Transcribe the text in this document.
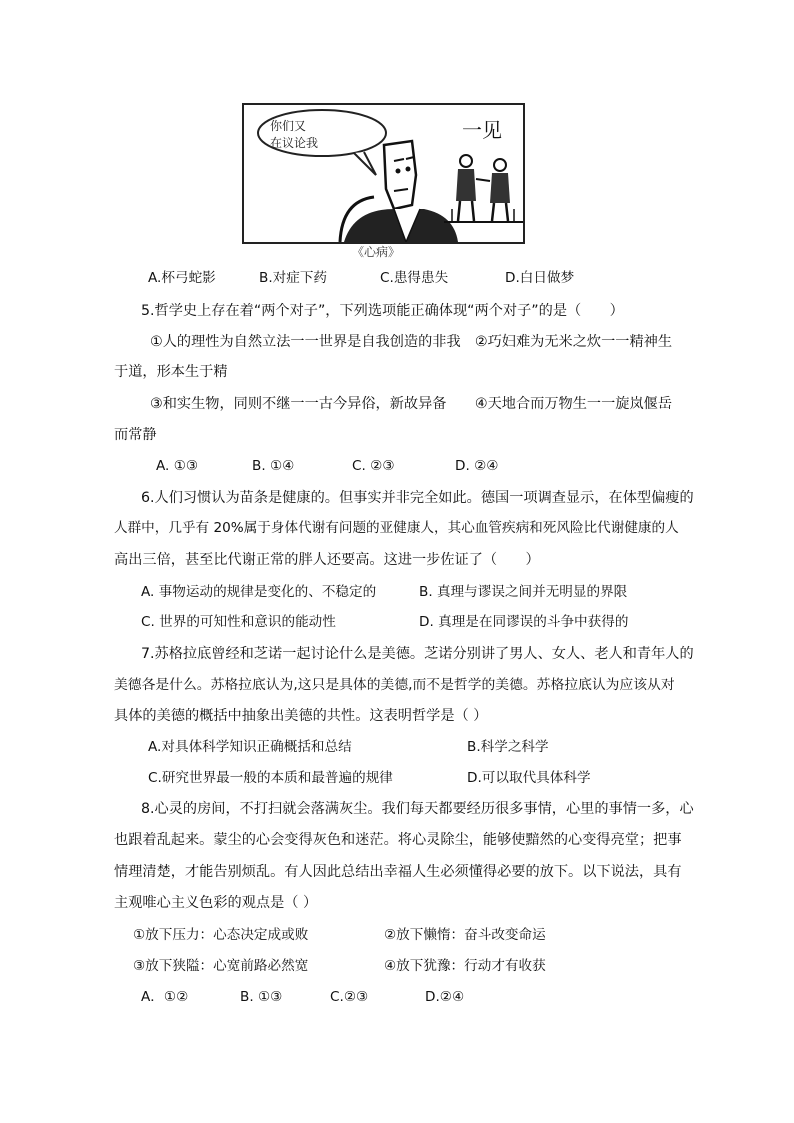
你们又
在议论我
一见
《心病》
A.杯弓蛇影	B.对症下药	C.患得患失	D.白日做梦
5.哲学史上存在着“两个对子”，下列选项能正确体现“两个对子”的是（　　）
①人的理性为自然立法一一世界是自我创造的非我　②巧妇难为无米之炊一一精神生
于道，形本生于精
③和实生物，同则不继一一古今异俗，新故异备　　④天地合而万物生一一旋岚偃岳
而常静
A. ①③	B. ①④	C. ②③	D. ②④
6.人们习惯认为苗条是健康的。但事实并非完全如此。德国一项调查显示，在体型偏瘦的
人群中，几乎有 20%属于身体代谢有问题的亚健康人，其心血管疾病和死风险比代谢健康的人
高出三倍，甚至比代谢正常的胖人还要高。这进一步佐证了（　　）
A. 事物运动的规律是变化的、不稳定的	B. 真理与谬误之间并无明显的界限
C. 世界的可知性和意识的能动性	D. 真理是在同谬误的斗争中获得的
7.苏格拉底曾经和芝诺一起讨论什么是美德。芝诺分别讲了男人、女人、老人和青年人的
美德各是什么。苏格拉底认为,这只是具体的美德,而不是哲学的美德。苏格拉底认为应该从对
具体的美德的概括中抽象出美德的共性。这表明哲学是（ ）
A.对具体科学知识正确概括和总结	B.科学之科学
C.研究世界最一般的本质和最普遍的规律	D.可以取代具体科学
8.心灵的房间，不打扫就会落满灰尘。我们每天都要经历很多事情，心里的事情一多，心
也跟着乱起来。蒙尘的心会变得灰色和迷茫。将心灵除尘，能够使黯然的心变得亮堂；把事
情理清楚，才能告别烦乱。有人因此总结出幸福人生必须懂得必要的放下。以下说法，具有
主观唯心主义色彩的观点是（ ）
①放下压力：心态决定成或败	②放下懒惰：奋斗改变命运
③放下狭隘：心宽前路必然宽	④放下犹豫：行动才有收获
A．①②	B. ①③	C.②③	D.②④
